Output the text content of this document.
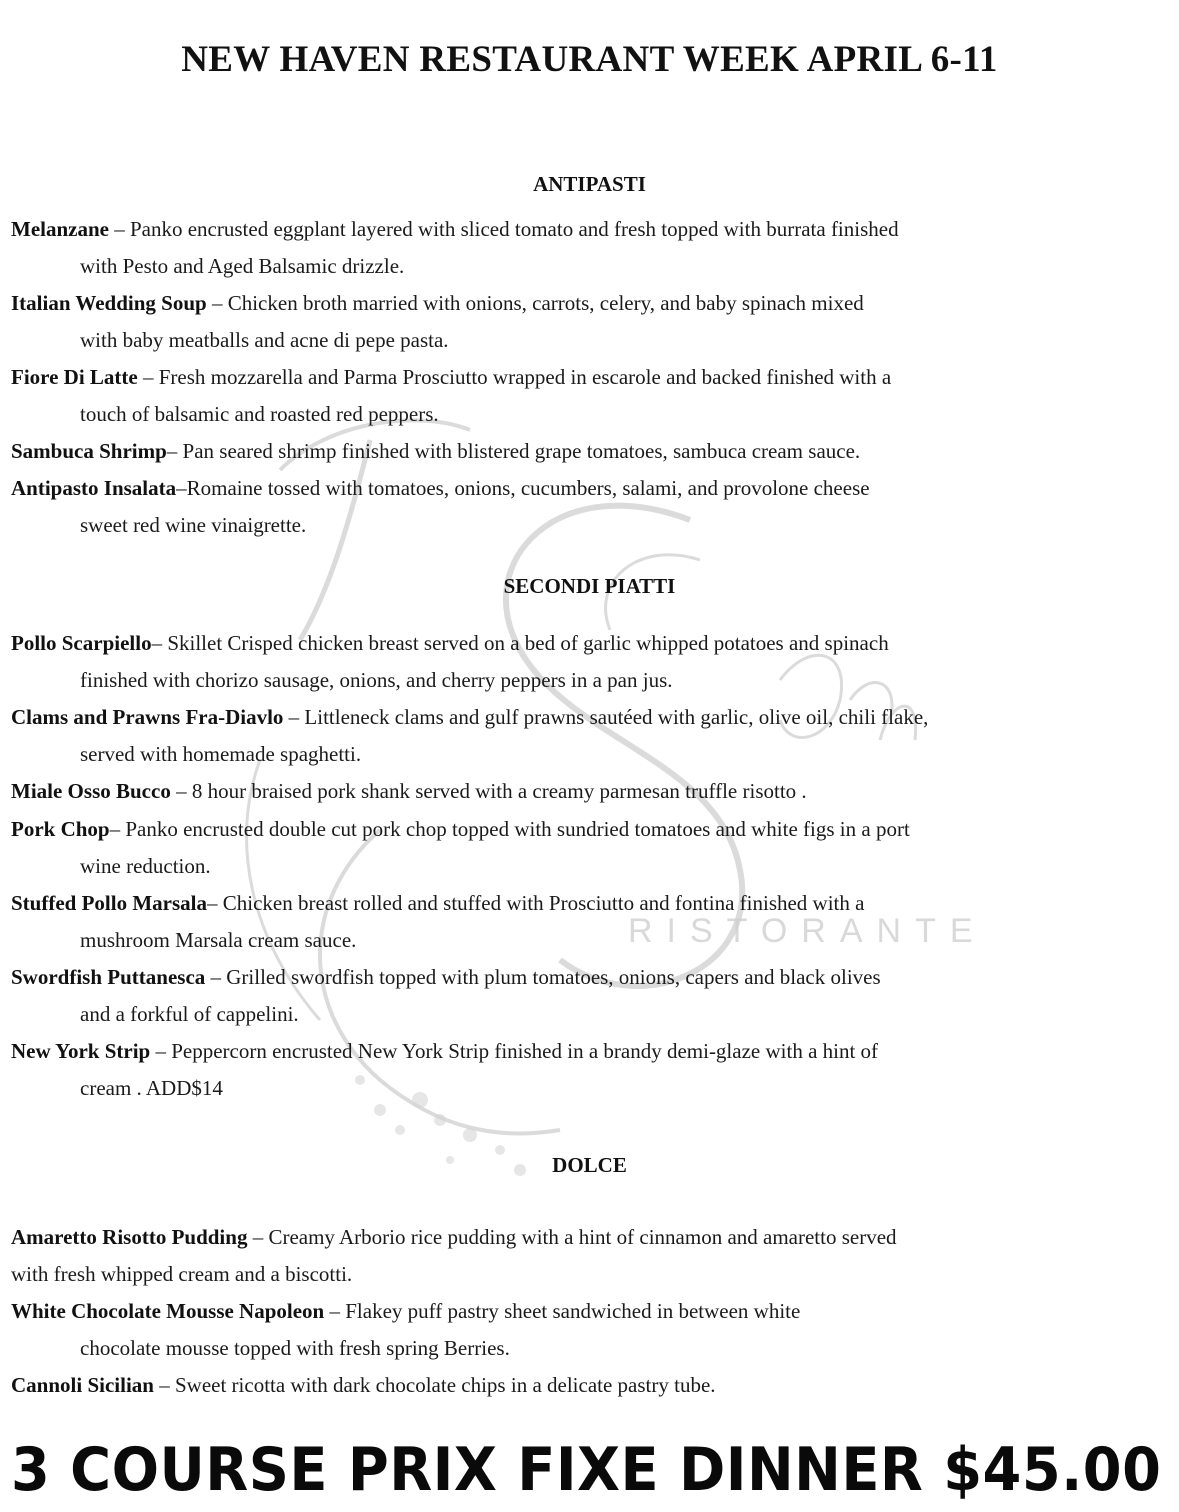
RISTORANTE
NEW HAVEN RESTAURANT WEEK APRIL 6-11
ANTIPASTI

Melanzane – Panko encrusted eggplant layered with sliced tomato and fresh topped with burrata finished
with Pesto and Aged Balsamic drizzle.

Italian Wedding Soup – Chicken broth married with onions, carrots, celery, and baby spinach mixed
with baby meatballs and acne di pepe pasta.

Fiore Di Latte – Fresh mozzarella and Parma Prosciutto wrapped in escarole and backed finished with a
touch of balsamic and roasted red peppers.

Sambuca Shrimp– Pan seared shrimp finished with blistered grape tomatoes, sambuca cream sauce.

Antipasto Insalata–Romaine tossed with tomatoes, onions, cucumbers, salami, and provolone cheese
sweet red wine vinaigrette.

SECONDI PIATTI

Pollo Scarpiello– Skillet Crisped chicken breast served on a bed of garlic whipped potatoes and spinach
finished with chorizo sausage, onions, and cherry peppers in a pan jus.

Clams and Prawns Fra-Diavlo – Littleneck clams and gulf prawns sautéed with garlic, olive oil, chili flake,
served with homemade spaghetti.

Miale Osso Bucco – 8 hour braised pork shank served with a creamy parmesan truffle risotto .

Pork Chop– Panko encrusted double cut pork chop topped with sundried tomatoes and white figs in a port
wine reduction.

Stuffed Pollo Marsala– Chicken breast rolled and stuffed with Prosciutto and fontina finished with a
mushroom Marsala cream sauce.

Swordfish Puttanesca – Grilled swordfish topped with plum tomatoes, onions, capers and black olives
and a forkful of cappelini.

New York Strip – Peppercorn encrusted New York Strip finished in a brandy demi-glaze with a hint of
cream . ADD$14

DOLCE

Amaretto Risotto Pudding – Creamy Arborio rice pudding with a hint of cinnamon and amaretto served
with fresh whipped cream and a biscotti.

White Chocolate Mousse Napoleon – Flakey puff pastry sheet sandwiched in between white
chocolate mousse topped with fresh spring Berries.

Cannoli Sicilian – Sweet ricotta with dark chocolate chips in a delicate pastry tube.

3 COURSE PRIX FIXE DINNER $45.00
